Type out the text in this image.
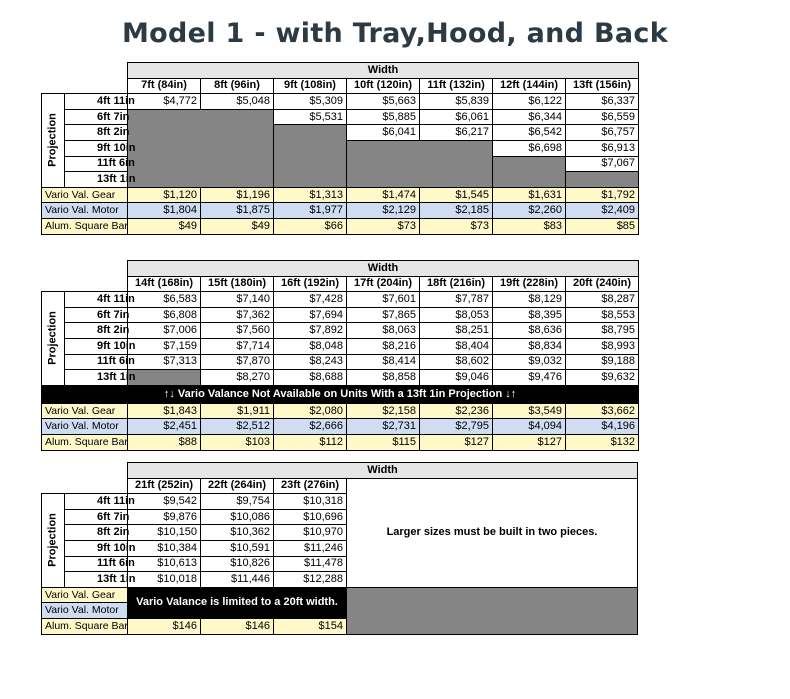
Model 1 - with Tray,Hood, and Back
		Width						
		7ft (84in)	8ft (96in)	9ft (108in)	10ft (120in)	11ft (132in)	12ft (144in)	13ft (156in)

Projection	4ft 11in	$4,772	$5,048	$5,309	$5,663	$5,839	$6,122	$6,337
	6ft 7in			$5,531	$5,885	$6,061	$6,344	$6,559
	8ft 2in				$6,041	$6,217	$6,542	$6,757
	9ft 10in						$6,698	$6,913
	11ft 6in							$7,067
	13ft 1in							
Vario Val. Gear		$1,120	$1,196	$1,313	$1,474	$1,545	$1,631	$1,792
Vario Val. Motor		$1,804	$1,875	$1,977	$2,129	$2,185	$2,260	$2,409
Alum. Square Bar		$49	$49	$66	$73	$73	$83	$85
		Width						
		14ft (168in)	15ft (180in)	16ft (192in)	17ft (204in)	18ft (216in)	19ft (228in)	20ft (240in)

Projection	4ft 11in	$6,583	$7,140	$7,428	$7,601	$7,787	$8,129	$8,287
	6ft 7in	$6,808	$7,362	$7,694	$7,865	$8,053	$8,395	$8,553
	8ft 2in	$7,006	$7,560	$7,892	$8,063	$8,251	$8,636	$8,795
	9ft 10in	$7,159	$7,714	$8,048	$8,216	$8,404	$8,834	$8,993
	11ft 6in	$7,313	$7,870	$8,243	$8,414	$8,602	$9,032	$9,188
	13ft 1in		$8,270	$8,688	$8,858	$9,046	$9,476	$9,632
↑↓ Vario Valance Not Available on Units With a 13ft 1in Projection ↓↑								
Vario Val. Gear		$1,843	$1,911	$2,080	$2,158	$2,236	$3,549	$3,662
Vario Val. Motor		$2,451	$2,512	$2,666	$2,731	$2,795	$4,094	$4,196
Alum. Square Bar		$88	$103	$112	$115	$127	$127	$132
		Width			
		21ft (252in)	22ft (264in)	23ft (276in)	Larger sizes must be built in two pieces.

Projection	4ft 11in	$9,542	$9,754	$10,318	
	6ft 7in	$9,876	$10,086	$10,696	
	8ft 2in	$10,150	$10,362	$10,970	
	9ft 10in	$10,384	$10,591	$11,246	
	11ft 6in	$10,613	$10,826	$11,478	
	13ft 1in	$10,018	$11,446	$12,288	
Vario Val. Gear		Vario Valance is limited to a 20ft width.			
Vario Val. Motor					
Alum. Square Bar		$146	$146	$154	
